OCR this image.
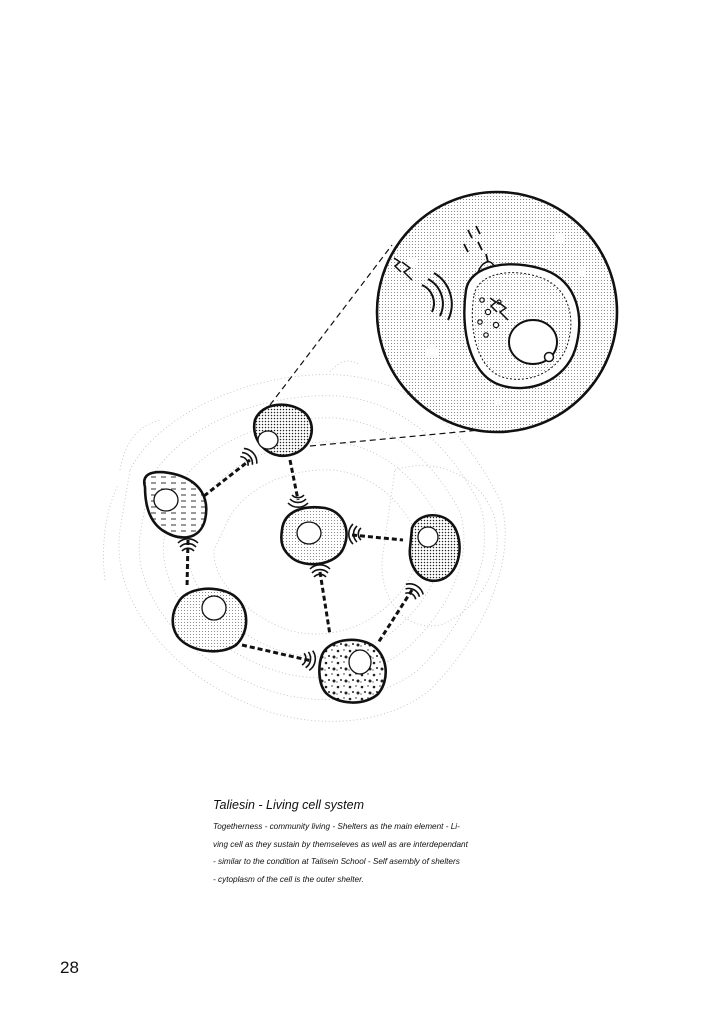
Taliesin - Living cell system

Togetherness - community living - Shelters as the main element - Li-
ving cell as they sustain by themseleves as well as are interdependant
- similar to the condition at Talisein School - Self asembly of shelters
- cytoplasm of the cell is the outer shelter.

28
